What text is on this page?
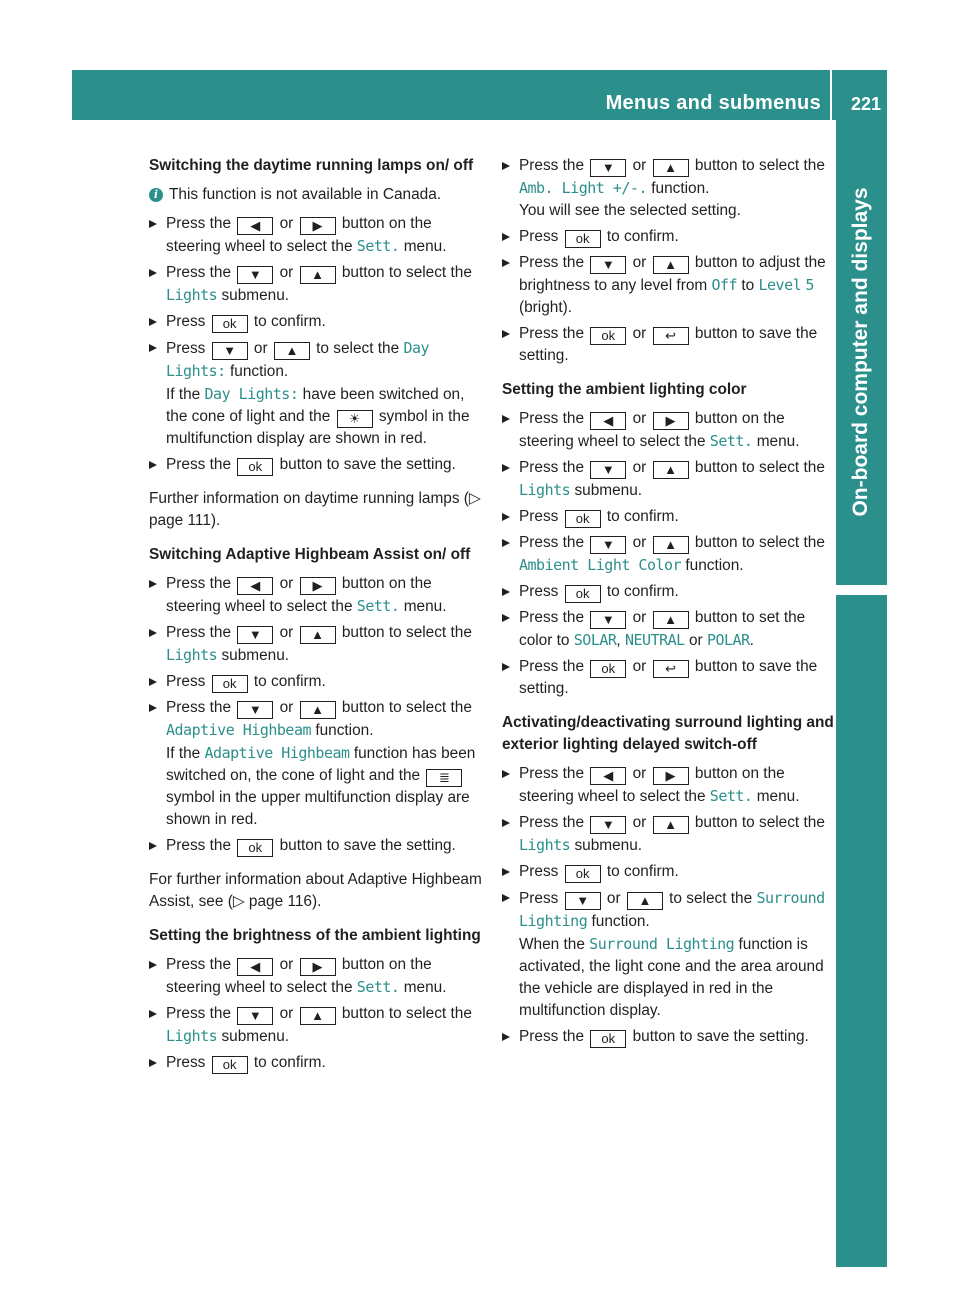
Menus and submenus 221
On-board computer and displays
Switching the daytime running lamps on/ off
i This function is not available in Canada.
Press the ◀ or ▶ button on the steering wheel to select the Sett. menu.
Press the ▼ or ▲ button to select the Lights submenu.
Press ok to confirm.
Press ▼ or ▲ to select the Day Lights: function.
If the Day Lights: have been switched on, the cone of light and the ☀ symbol in the multifunction display are shown in red.
Press the ok button to save the setting.
Further information on daytime running lamps (▷ page 111).
Switching Adaptive Highbeam Assist on/ off
Press the ◀ or ▶ button on the steering wheel to select the Sett. menu.
Press the ▼ or ▲ button to select the Lights submenu.
Press ok to confirm.
Press the ▼ or ▲ button to select the Adaptive Highbeam function.
If the Adaptive Highbeam function has been switched on, the cone of light and the ≣ symbol in the upper multifunction display are shown in red.
Press the ok button to save the setting.
For further information about Adaptive Highbeam Assist, see (▷ page 116).
Setting the brightness of the ambient lighting
Press the ◀ or ▶ button on the steering wheel to select the Sett. menu.
Press the ▼ or ▲ button to select the Lights submenu.
Press ok to confirm.
Press the ▼ or ▲ button to select the Amb. Light +/-. function.
You will see the selected setting.
Press ok to confirm.
Press the ▼ or ▲ button to adjust the brightness to any level from Off to Level 5 (bright).
Press the ok or ↩ button to save the setting.
Setting the ambient lighting color
Press the ◀ or ▶ button on the steering wheel to select the Sett. menu.
Press the ▼ or ▲ button to select the Lights submenu.
Press ok to confirm.
Press the ▼ or ▲ button to select the Ambient Light Color function.
Press ok to confirm.
Press the ▼ or ▲ button to set the color to SOLAR, NEUTRAL or POLAR.
Press the ok or ↩ button to save the setting.
Activating/deactivating surround lighting and exterior lighting delayed switch-off
Press the ◀ or ▶ button on the steering wheel to select the Sett. menu.
Press the ▼ or ▲ button to select the Lights submenu.
Press ok to confirm.
Press ▼ or ▲ to select the Surround Lighting function.
When the Surround Lighting function is activated, the light cone and the area around the vehicle are displayed in red in the multifunction display.
Press the ok button to save the setting.
